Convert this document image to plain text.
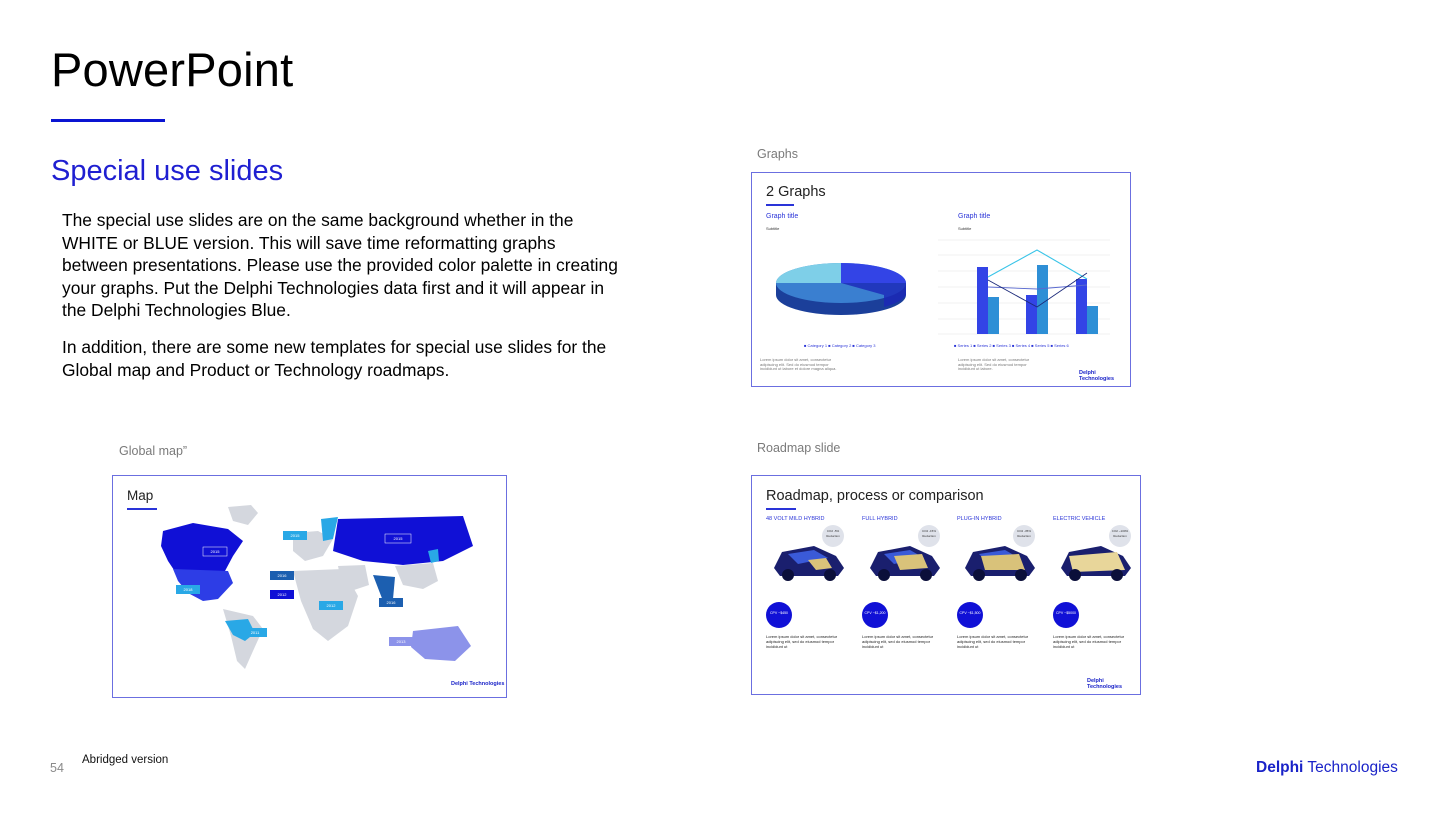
PowerPoint
Special use slides

The special use slides are on the same background whether in the WHITE or BLUE version. This will save time reformatting graphs between presentations. Please use the provided color palette in creating your graphs. Put the Delphi Technologies data first and it will appear in the Delphi Technologies Blue.

In addition, there are some new templates for special use slides for the Global map and Product or Technology roadmaps.

Graphs
2 Graphs
Graph title
Subtitle
Graph title
Subtitle
■ Category 1 ■ Category 2 ■ Category 3
Lorem ipsum dolor sit amet, consectetur adipiscing elit. Sed do eiusmod tempor incididunt ut labore et dolore magna aliqua.
■ Series 1 ■ Series 2 ■ Series 3 ■ Series 4 ■ Series 5 ■ Series 6
Lorem ipsum dolor sit amet, consectetur adipiscing elit. Sed do eiusmod tempor incididunt ut labore.
Delphi Technologies
Global map”
Map
2018
2015
2016
2012
2015
2015
2012
2016
2011
2013
Delphi Technologies
Roadmap slide
Roadmap, process or comparison
48 VOLT MILD HYBRID
CO2 -5% Reduction
CPV ~$450
Lorem ipsum dolor sit amet, consectetur adipiscing elit, sed do eiusmod tempor incididunt ut
FULL HYBRID
CO2 -15% Reduction
CPV ~$1,200
Lorem ipsum dolor sit amet, consectetur adipiscing elit, sed do eiusmod tempor incididunt ut
PLUG-IN HYBRID
CO2 -35% Reduction
CPV ~$1,500
Lorem ipsum dolor sit amet, consectetur adipiscing elit, sed do eiusmod tempor incididunt ut
ELECTRIC VEHICLE
CO2 ~100% Reduction
CPV ~$5000
Lorem ipsum dolor sit amet, consectetur adipiscing elit, sed do eiusmod tempor incididunt ut
Delphi Technologies
54
Abridged version	Delphi Technologies
